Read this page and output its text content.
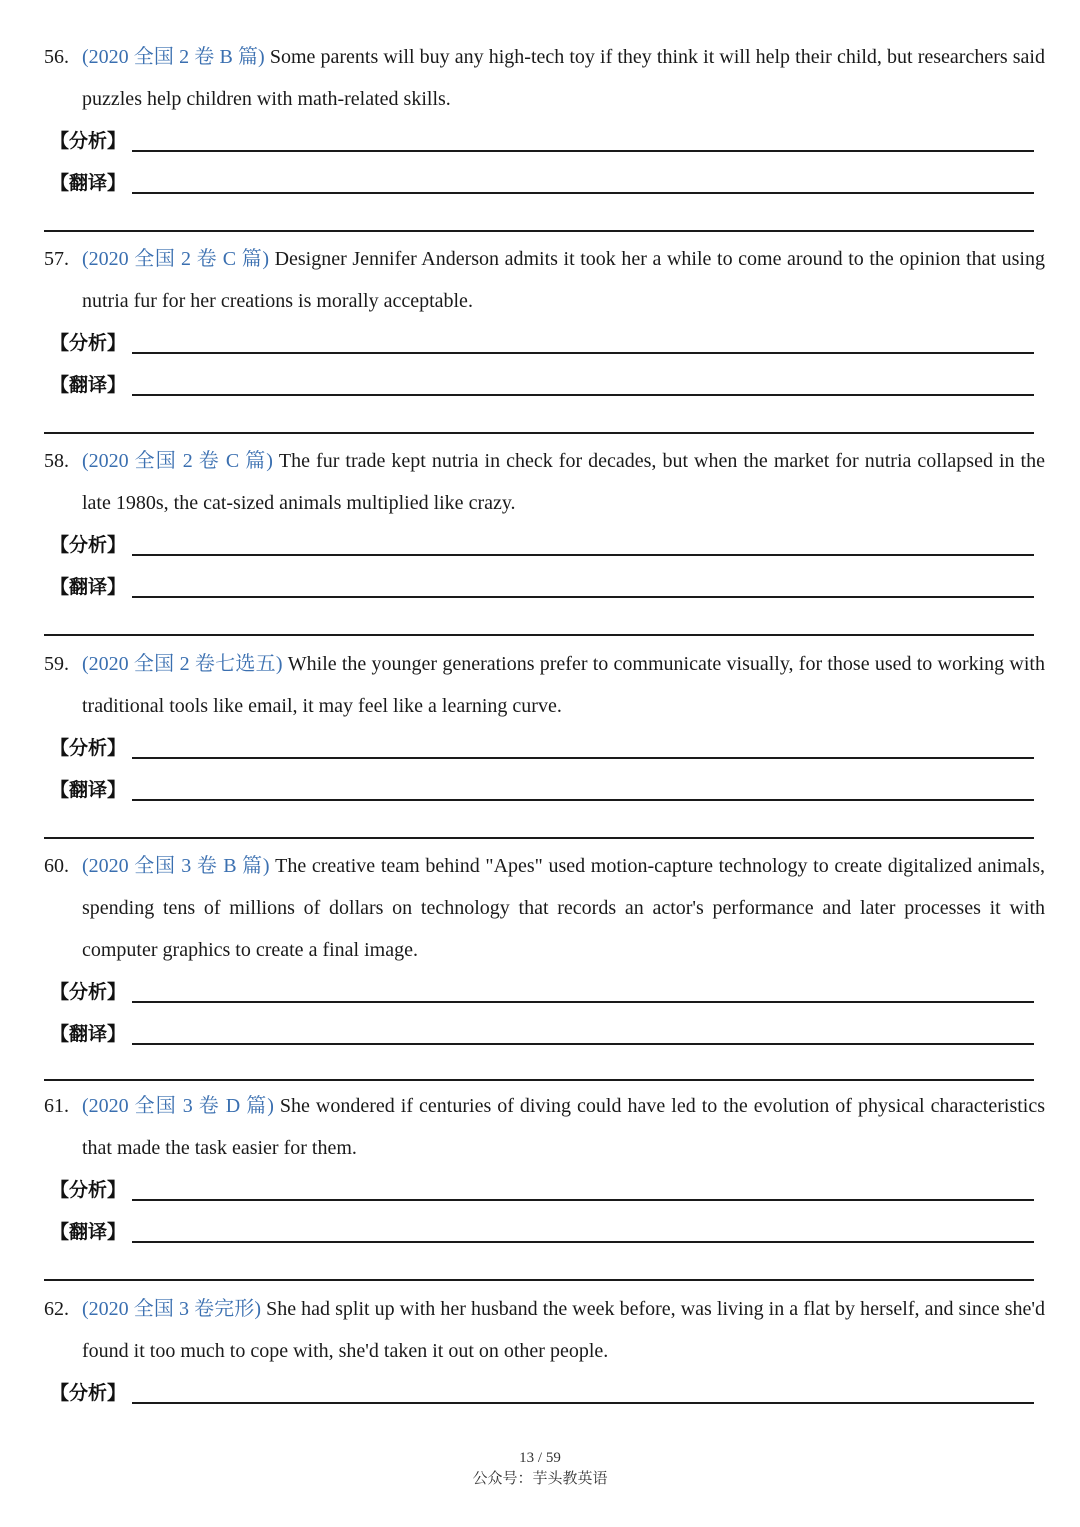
56. (2020 全国 2 卷 B 篇) Some parents will buy any high-tech toy if they think it will help their child, but researchers said puzzles help children with math-related skills.

【分析】
【翻译】

57. (2020 全国 2 卷 C 篇) Designer Jennifer Anderson admits it took her a while to come around to the opinion that using nutria fur for her creations is morally acceptable.

【分析】
【翻译】

58. (2020 全国 2 卷 C 篇) The fur trade kept nutria in check for decades, but when the market for nutria collapsed in the late 1980s, the cat-sized animals multiplied like crazy.

【分析】
【翻译】

59. (2020 全国 2 卷七选五) While the younger generations prefer to communicate visually, for those used to working with traditional tools like email, it may feel like a learning curve.

【分析】
【翻译】

60. (2020 全国 3 卷 B 篇) The creative team behind "Apes" used motion-capture technology to create digitalized animals, spending tens of millions of dollars on technology that records an actor's performance and later processes it with computer graphics to create a final image.

【分析】
【翻译】

61. (2020 全国 3 卷 D 篇) She wondered if centuries of diving could have led to the evolution of physical characteristics that made the task easier for them.

【分析】
【翻译】

62. (2020 全国 3 卷完形) She had split up with her husband the week before, was living in a flat by herself, and since she'd found it too much to cope with, she'd taken it out on other people.

【分析】
13 / 59
公众号：芋头教英语
